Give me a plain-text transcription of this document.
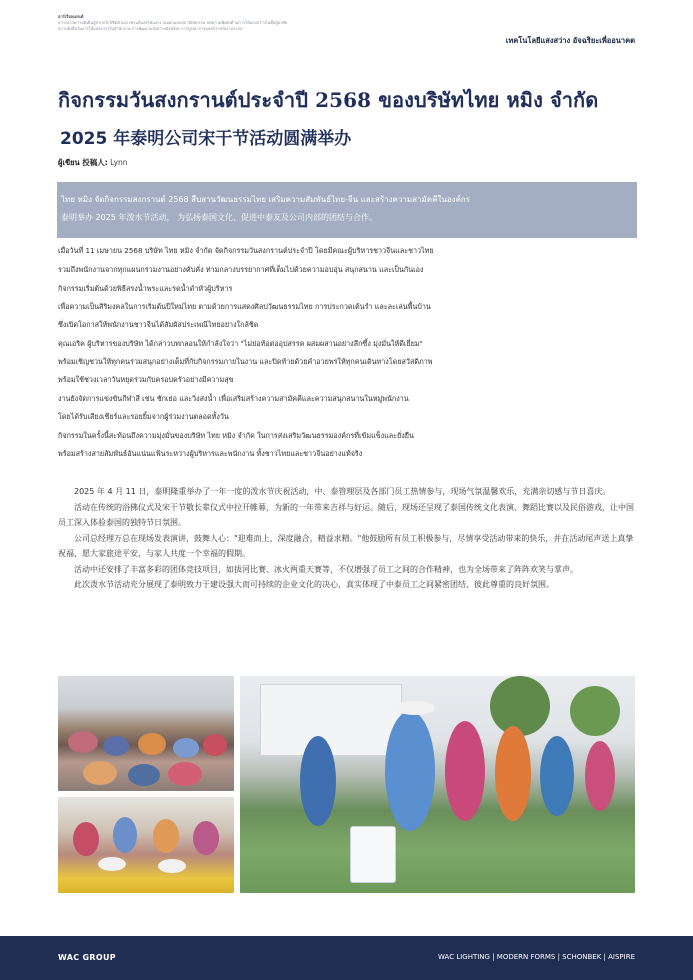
อาร์เรียลเดลเต้
สว่างจากความยั่งยืนสู่สากลใกล้ชิดตัวเอง เทรนด์แสงไฟและงานออกแบบสถาปัตยกรรม บทความพิเศษด้านการให้แสงสว่างในที่อยู่อาศัย
ความยั่งยืนในการให้แสงสว่างในสำนักงาน การพัฒนาแสงสว่างอัจฉริยะ การบูรณาการแสงสว่างกับงานระบบ
เทคโนโลยีแสงสว่าง อัจฉริยะเพื่ออนาคต
กิจกรรมวันสงกรานต์ประจำปี 2568 ของบริษัทไทย หมิง จำกัด
2025 年泰明公司宋干节活动圆满举办
ผู้เขียน 投稿人: Lynn

ไทย หมิง จัดกิจกรรมสงกรานต์ 2568 สืบสานวัฒนธรรมไทย เสริมความสัมพันธ์ไทย-จีน และสร้างความสามัคคีในองค์กร

泰明举办 2025 年泼水节活动， 为弘扬泰国文化、促进中泰友及公司内部的团结与合作。

เมื่อวันที่ 11 เมษายน 2568 บริษัท ไทย หมิง จำกัด จัดกิจกรรมวันสงกรานต์ประจำปี โดยมีคณะผู้บริหารชาวจีนและชาวไทย

รวมถึงพนักงานจากทุกแผนกร่วมงานอย่างคับคั่ง ท่ามกลางบรรยากาศที่เต็มไปด้วยความอบอุ่น สนุกสนาน และเป็นกันเอง

กิจกรรมเริ่มต้นด้วยพิธีสรงน้ำพระและรดน้ำดำหัวผู้บริหาร

เพื่อความเป็นสิริมงคลในการเริ่มต้นปีใหม่ไทย ตามด้วยการแสดงศิลปวัฒนธรรมไทย การประกวดเต้นรำ และละเล่นพื้นบ้าน

ซึ่งเปิดโอกาสให้พนักงานชาวจีนได้สัมผัสประเพณีไทยอย่างใกล้ชิด

คุณเอริค ผู้บริหารของบริษัท ได้กล่าวบทกลอนให้กำลังใจว่า "ไม่ย่อท้อต่ออุปสรรค ผสมผสานอย่างลึกซึ้ง มุ่งมั่นให้ดีเยี่ยม"

พร้อมเชิญชวนให้ทุกคนร่วมสนุกอย่างเต็มที่กับกิจกรรมภายในงาน และปิดท้ายด้วยคำอวยพรให้ทุกคนเดินทางโดยสวัสดิภาพ

พร้อมใช้ช่วงเวลาวันหยุดร่วมกับครอบครัวอย่างมีความสุข

งานยังจัดการแข่งขันกีฬาสี เช่น ชักเย่อ และวิ่งส่งน้ำ เพื่อเสริมสร้างความสามัคคีและความสนุกสนานในหมู่พนักงาน

โดยได้รับเสียงเชียร์และรอยยิ้มจากผู้ร่วมงานตลอดทั้งวัน

กิจกรรมในครั้งนี้สะท้อนถึงความมุ่งมั่นของบริษัท ไทย หมิง จำกัด ในการส่งเสริมวัฒนธรรมองค์กรที่เข้มแข็งและยั่งยืน

พร้อมสร้างสายสัมพันธ์อันแน่นแฟ้นระหว่างผู้บริหารและพนักงาน ทั้งชาวไทยและชาวจีนอย่างแท้จริง

2025 年 4 月 11 日，泰明隆重举办了一年一度的泼水节庆祝活动，中、泰管理层及各部门员工热情参与，现场气氛温馨欢乐，充满亲切感与节日喜庆。

活动在传统的浴佛仪式及宋干节敬长辈仪式中拉开帷幕，为新的一年带来吉祥与好运。随后，现场还呈现了泰国传统文化表演、舞蹈比赛以及民俗游戏，让中国员工深入体验泰国的独特节日氛围。

公司总经理万总在现场发表演讲，鼓舞人心："迎难而上，深度融合，精益求精。"他鼓励所有员工积极参与，尽情享受活动带来的快乐，并在活动尾声送上真挚祝福，愿大家旅途平安，与家人共度一个幸福的假期。

活动中还安排了丰富多彩的团体竞技项目，如拔河比赛、冰火两重天赛等，不仅增强了员工之间的合作精神，也为全场带来了阵阵欢笑与掌声。

此次泼水节活动充分展现了泰明致力于建设强大而可持续的企业文化的决心，真实体现了中泰员工之间紧密团结、彼此尊重的良好氛围。

WAC GROUP	WAC LIGHTING | MODERN FORMS | SCHONBEK | AISPIRE
